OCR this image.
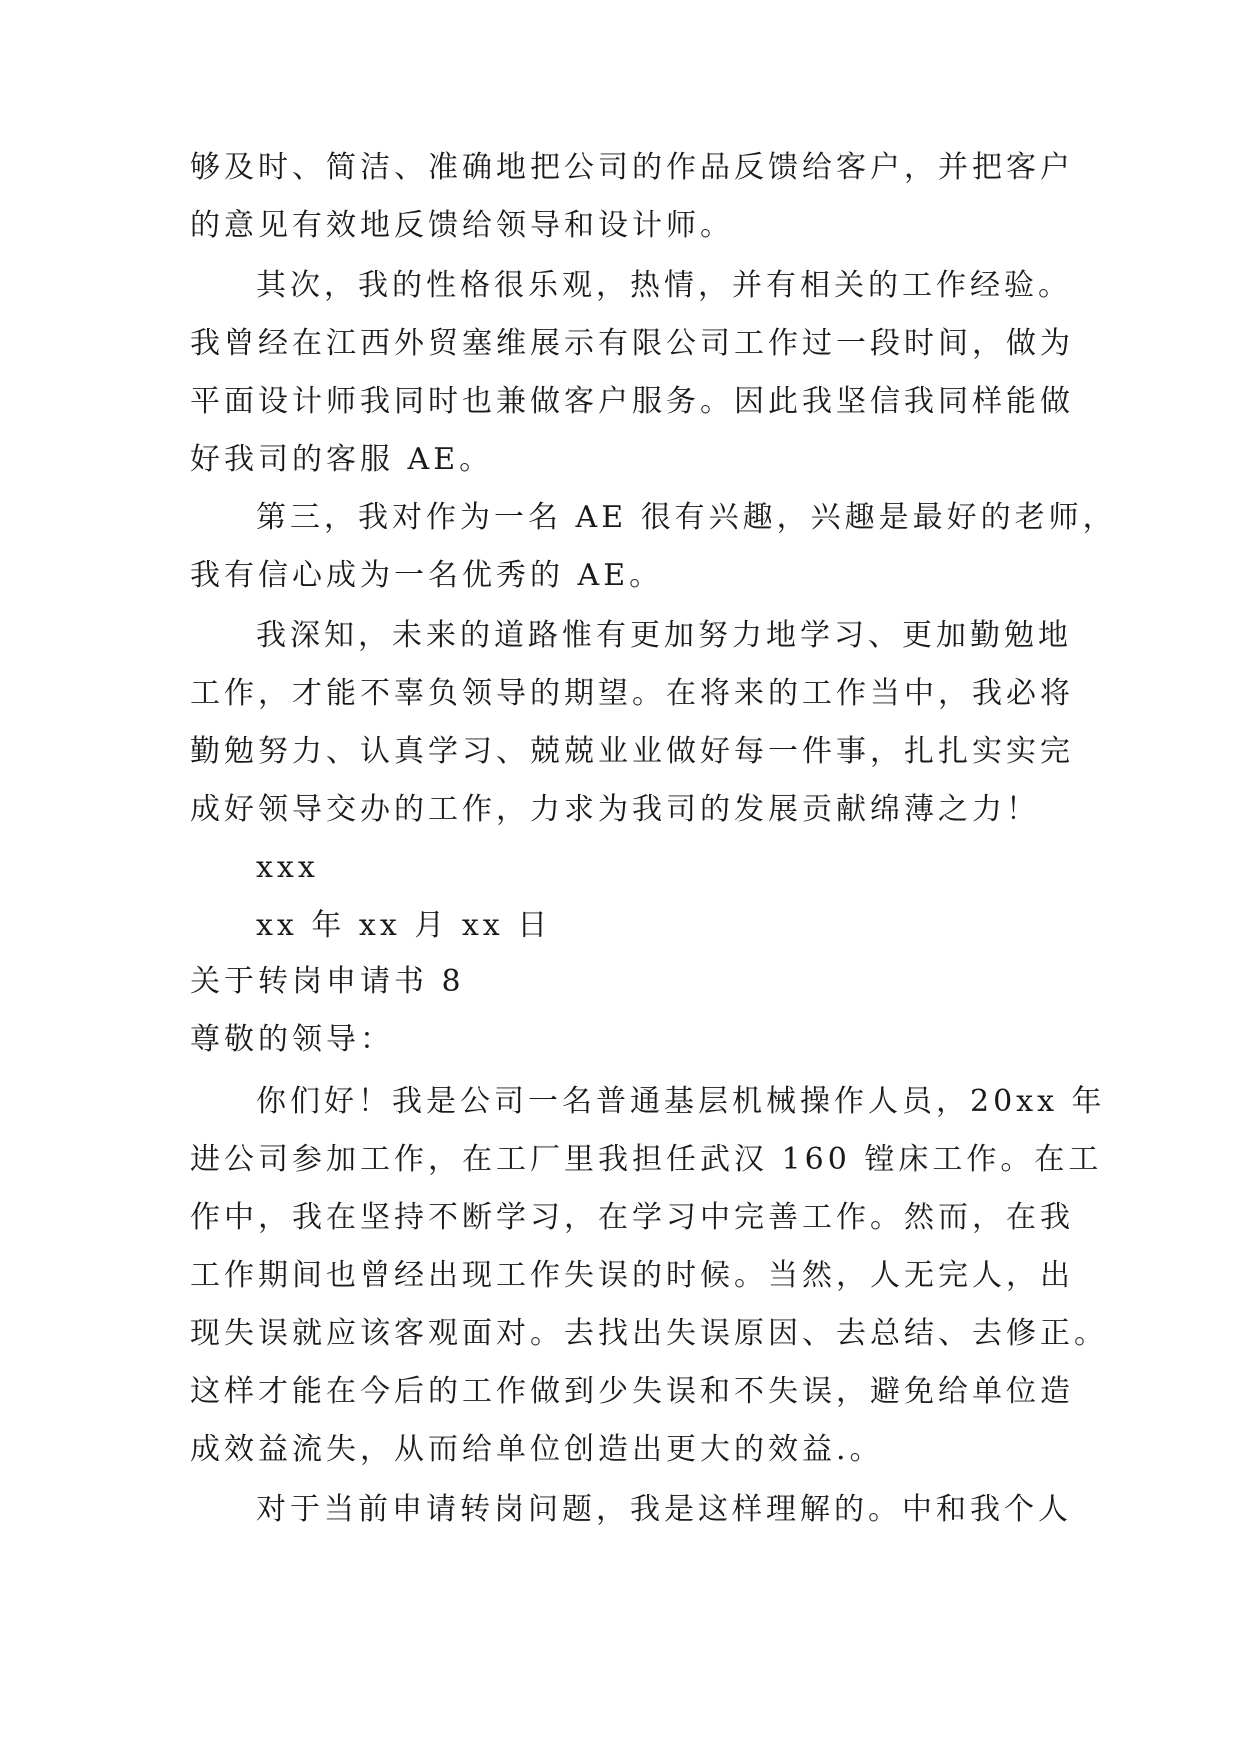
够及时、简洁、准确地把公司的作品反馈给客户，并把客户
的意见有效地反馈给领导和设计师。
其次，我的性格很乐观，热情，并有相关的工作经验。
我曾经在江西外贸塞维展示有限公司工作过一段时间，做为
平面设计师我同时也兼做客户服务。因此我坚信我同样能做
好我司的客服 AE。
第三，我对作为一名 AE 很有兴趣，兴趣是最好的老师，
我有信心成为一名优秀的 AE。
我深知，未来的道路惟有更加努力地学习、更加勤勉地
工作，才能不辜负领导的期望。在将来的工作当中，我必将
勤勉努力、认真学习、兢兢业业做好每一件事，扎扎实实完
成好领导交办的工作，力求为我司的发展贡献绵薄之力！
xxx
xx 年 xx 月 xx 日
关于转岗申请书 8
尊敬的领导：
你们好！我是公司一名普通基层机械操作人员，20xx 年
进公司参加工作，在工厂里我担任武汉 160 镗床工作。在工
作中，我在坚持不断学习，在学习中完善工作。然而，在我
工作期间也曾经出现工作失误的时候。当然，人无完人，出
现失误就应该客观面对。去找出失误原因、去总结、去修正。
这样才能在今后的工作做到少失误和不失误，避免给单位造
成效益流失，从而给单位创造出更大的效益.。
对于当前申请转岗问题，我是这样理解的。中和我个人
